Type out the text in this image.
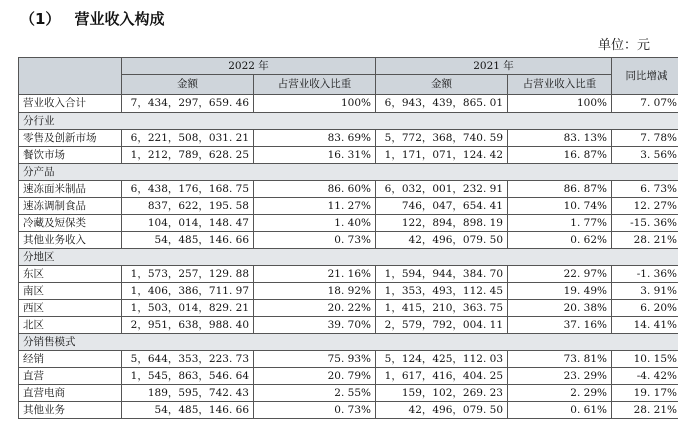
（1） 营业收入构成
单位：元
	2022 年		2021 年		同比增减
	金额	占营业收入比重	金额	占营业收入比重	
营业收入合计	7，434，297，659. 46	100%	6，943，439，865. 01	100%	7. 07%
分行业					
零售及创新市场	6，221，508，031. 21	83. 69%	5，772，368，740. 59	83. 13%	7. 78%
餐饮市场	1，212，789，628. 25	16. 31%	1，171，071，124. 42	16. 87%	3. 56%
分产品					
速冻面米制品	6，438，176，168. 75	86. 60%	6，032，001，232. 91	86. 87%	6. 73%
速冻调制食品	837，622，195. 58	11. 27%	746，047，654. 41	10. 74%	12. 27%
冷藏及短保类	104，014，148. 47	1. 40%	122，894，898. 19	1. 77%	-15. 36%
其他业务收入	54，485，146. 66	0. 73%	42，496，079. 50	0. 62%	28. 21%
分地区					
东区	1，573，257，129. 88	21. 16%	1，594，944，384. 70	22. 97%	-1. 36%
南区	1，406，386，711. 97	18. 92%	1，353，493，112. 45	19. 49%	3. 91%
西区	1，503，014，829. 21	20. 22%	1，415，210，363. 75	20. 38%	6. 20%
北区	2，951，638，988. 40	39. 70%	2，579，792，004. 11	37. 16%	14. 41%
分销售模式					
经销	5，644，353，223. 73	75. 93%	5，124，425，112. 03	73. 81%	10. 15%
直营	1，545，863，546. 64	20. 79%	1，617，416，404. 25	23. 29%	-4. 42%
直营电商	189，595，742. 43	2. 55%	159，102，269. 23	2. 29%	19. 17%
其他业务	54，485，146. 66	0. 73%	42，496，079. 50	0. 61%	28. 21%
